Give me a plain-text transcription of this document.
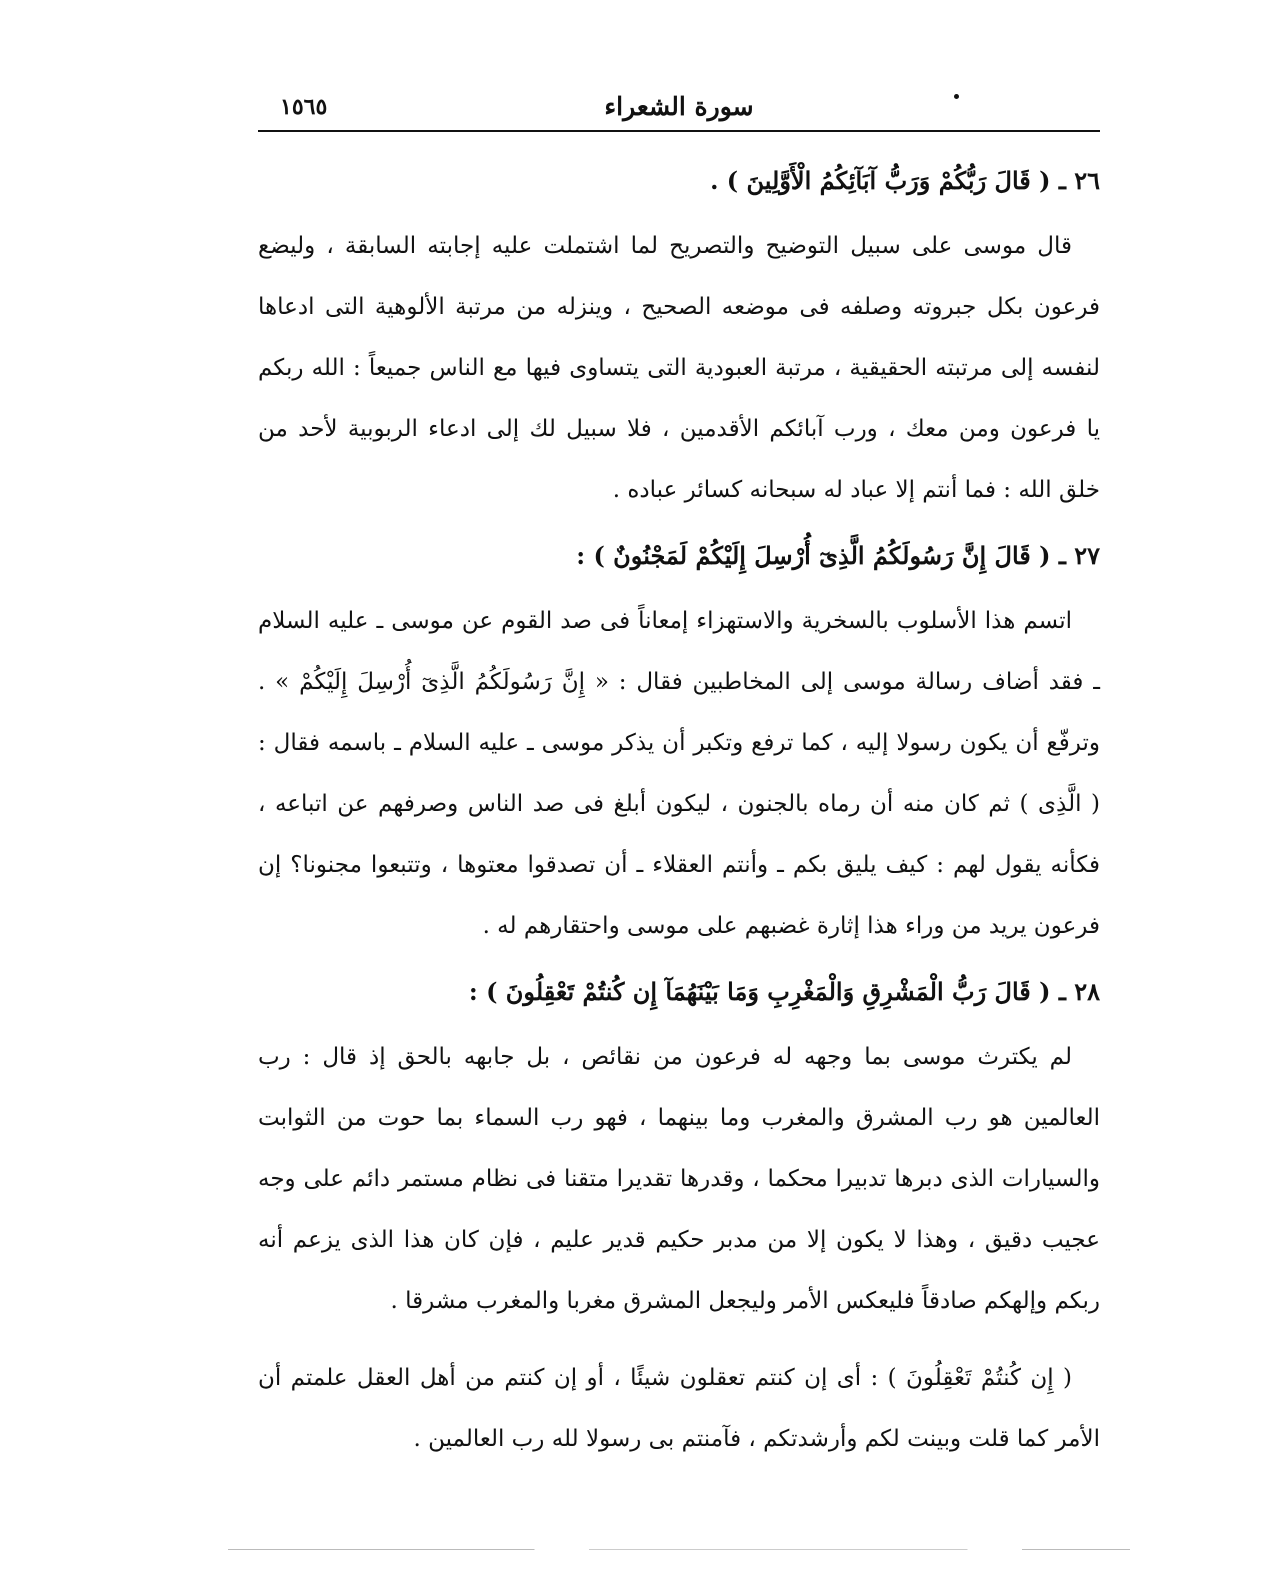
١٥٦٥	سورة الشعراء

٢٦ ـ ( قَالَ رَبُّكُمْ وَرَبُّ آبَآئِكُمُ الْأَوَّلِينَ ) .

قال موسى على سبيل التوضيح والتصريح لما اشتملت عليه إجابته السابقة ، وليضع فرعون بكل جبروته وصلفه فى موضعه الصحيح ، وينزله من مرتبة الألوهية التى ادعاها لنفسه إلى مرتبته الحقيقية ، مرتبة العبودية التى يتساوى فيها مع الناس جميعاً : الله ربكم يا فرعون ومن معك ، ورب آبائكم الأقدمين ، فلا سبيل لك إلى ادعاء الربوبية لأحد من خلق الله : فما أنتم إلا عباد له سبحانه كسائر عباده .

٢٧ ـ ( قَالَ إِنَّ رَسُولَكُمُ الَّذِىٓ أُرْسِلَ إِلَيْكُمْ لَمَجْنُونٌ ) :

اتسم هذا الأسلوب بالسخرية والاستهزاء إمعاناً فى صد القوم عن موسى ـ عليه السلام ـ فقد أضاف رسالة موسى إلى المخاطبين فقال : « إِنَّ رَسُولَكُمُ الَّذِىٓ أُرْسِلَ إِلَيْكُمْ » . وترفّع أن يكون رسولا إليه ، كما ترفع وتكبر أن يذكر موسى ـ عليه السلام ـ باسمه فقال : ( الَّذِى ) ثم كان منه أن رماه بالجنون ، ليكون أبلغ فى صد الناس وصرفهم عن اتباعه ، فكأنه يقول لهم : كيف يليق بكم ـ وأنتم العقلاء ـ أن تصدقوا معتوها ، وتتبعوا مجنونا؟ إن فرعون يريد من وراء هذا إثارة غضبهم على موسى واحتقارهم له .

٢٨ ـ ( قَالَ رَبُّ الْمَشْرِقِ وَالْمَغْرِبِ وَمَا بَيْنَهُمَآ إِن كُنتُمْ تَعْقِلُونَ ) :

لم يكترث موسى بما وجهه له فرعون من نقائص ، بل جابهه بالحق إذ قال : رب العالمين هو رب المشرق والمغرب وما بينهما ، فهو رب السماء بما حوت من الثوابت والسيارات الذى دبرها تدبيرا محكما ، وقدرها تقديرا متقنا فى نظام مستمر دائم على وجه عجيب دقيق ، وهذا لا يكون إلا من مدبر حكيم قدير عليم ، فإن كان هذا الذى يزعم أنه ربكم وإلهكم صادقاً فليعكس الأمر وليجعل المشرق مغربا والمغرب مشرقا .

( إِن كُنتُمْ تَعْقِلُونَ ) : أى إن كنتم تعقلون شيئًا ، أو إن كنتم من أهل العقل علمتم أن الأمر كما قلت وبينت لكم وأرشدتكم ، فآمنتم بى رسولا لله رب العالمين .
